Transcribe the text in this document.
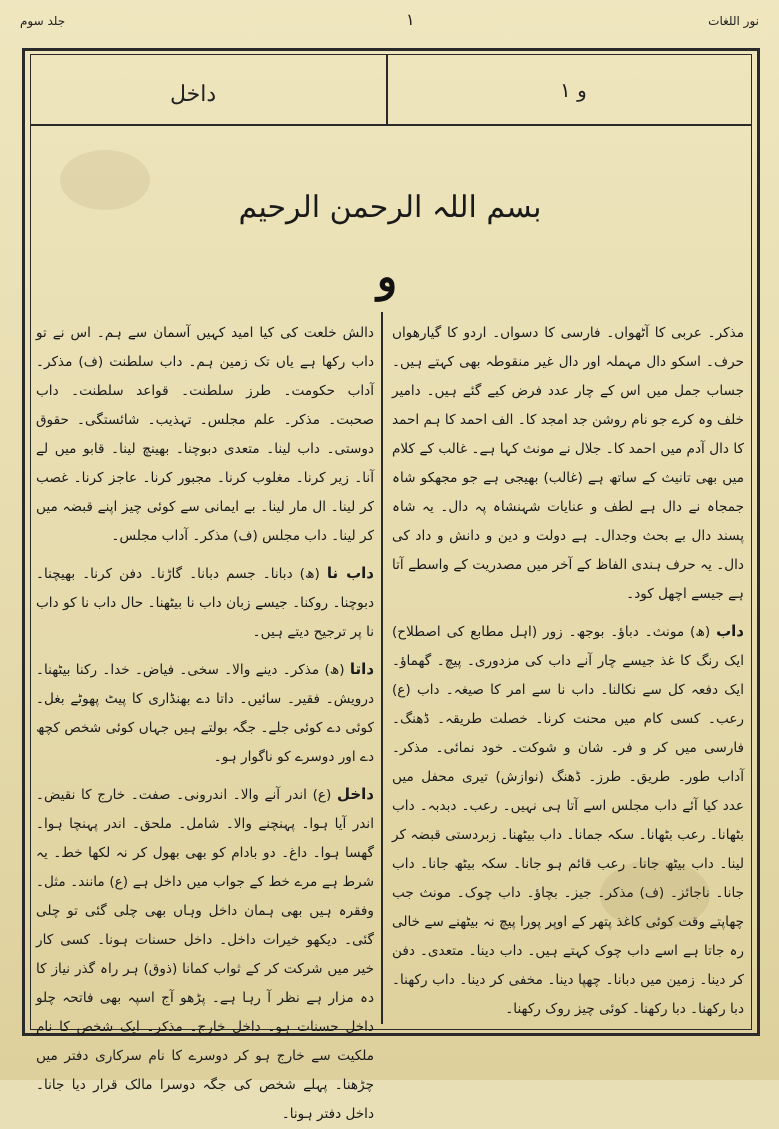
جلد سوم	۱	نور اللغات
داخل	و ۱
بسم اللہ الرحمن الرحیم
و

مذکر۔ عربی کا آٹھواں۔ فارسی کا دسواں۔ اردو کا گیارھواں حرف۔ اسکو دال مہملہ اور دال غیر منقوطہ بھی کہتے ہیں۔ جساب جمل میں اس کے چار عدد فرض کیے گئے ہیں۔ دامیر خلف وہ کرے جو نام روشن جد امجد کا۔ الف احمد کا ہم احمد کا دال آدم میں احمد کا۔ جلال نے مونث کہا ہے۔ غالب کے کلام میں بھی تانیث کے ساتھ ہے (غالب) بھیجی ہے جو مجھکو شاہ جمجاہ نے دال ہے لطف و عنایات شہنشاہ پہ دال۔ یہ شاہ پسند دال بے بحث وجدال۔ ہے دولت و دین و دانش و داد کی دال۔ یہ حرف ہندی الفاظ کے آخر میں مصدریت کے واسطے آتا ہے جیسے اچھل کود۔

داب (ھ) مونث۔ دباؤ۔ بوجھ۔ زور (اہل مطابع کی اصطلاح) ایک رنگ کا غذ جیسے چار آنے داب کی مزدوری۔ پیچ۔ گھماؤ۔ ایک دفعہ کل سے نکالنا۔ داب نا سے امر کا صیغہ۔ داب (ع) رعب۔ کسی کام میں محنت کرنا۔ خصلت طریقہ۔ ڈھنگ۔ فارسی میں کر و فر۔ شان و شوکت۔ خود نمائی۔ مذکر۔ آداب طور۔ طریق۔ طرز۔ ڈھنگ (نوازش) تیری محفل میں عدد کیا آئے داب مجلس اسے آتا ہی نہیں۔ رعب۔ دبدبہ۔ داب بٹھانا۔ رعب بٹھانا۔ سکہ جمانا۔ داب بیٹھنا۔ زبردستی قبضہ کر لینا۔ داب بیٹھ جانا۔ رعب قائم ہو جانا۔ سکہ بیٹھ جانا۔ داب جانا۔ ناجائز۔ (ف) مذکر۔ جیز۔ بچاؤ۔ داب چوک۔ مونث جب چھاپتے وقت کوئی کاغذ پتھر کے اوپر پورا پیچ نہ بیٹھنے سے خالی رہ جاتا ہے اسے داب چوک کہتے ہیں۔ داب دینا۔ متعدی۔ دفن کر دینا۔ زمین میں دبانا۔ چھپا دینا۔ مخفی کر دینا۔ داب رکھنا۔ دبا رکھنا۔ دبا رکھنا۔ کوئی چیز روک رکھنا۔

دالش خلعت کی کیا امید کہیں آسمان سے ہم۔ اس نے تو داب رکھا ہے یاں تک زمین ہم۔ داب سلطنت (ف) مذکر۔ آداب حکومت۔ طرز سلطنت۔ قواعد سلطنت۔ داب صحبت۔ مذکر۔ علم مجلس۔ تہذیب۔ شائستگی۔ حقوق دوستی۔ داب لینا۔ متعدی دبوچنا۔ بھینچ لینا۔ قابو میں لے آنا۔ زیر کرنا۔ مغلوب کرنا۔ مجبور کرنا۔ عاجز کرنا۔ غصب کر لینا۔ ال مار لینا۔ بے ایمانی سے کوئی چیز اپنے قبضہ میں کر لینا۔ داب مجلس (ف) مذکر۔ آداب مجلس۔

داب نا (ھ) دبانا۔ جسم دبانا۔ گاڑنا۔ دفن کرنا۔ بھیچنا۔ دبوچنا۔ روکنا۔ جیسے زبان داب نا بیٹھنا۔ حال داب نا کو داب نا پر ترجیح دیتے ہیں۔

داتا (ھ) مذکر۔ دینے والا۔ سخی۔ فیاض۔ خدا۔ رکنا بیٹھنا۔ درویش۔ فقیر۔ سائیں۔ داتا دے بھنڈاری کا پیٹ پھوٹے بغل۔ کوئی دے کوئی جلے۔ جگہ بولتے ہیں جہاں کوئی شخص کچھ دے اور دوسرے کو ناگوار ہو۔

داخل (ع) اندر آنے والا۔ اندرونی۔ صفت۔ خارج کا نقیض۔ اندر آیا ہوا۔ پہنچنے والا۔ شامل۔ ملحق۔ اندر پہنچا ہوا۔ گھسا ہوا۔ داغ۔ دو بادام کو بھی بھول کر نہ لکھا خط۔ یہ شرط ہے مرے خط کے جواب میں داخل ہے (ع) مانند۔ مثل۔ وفقرہ ہیں بھی ہمان داخل وہاں بھی چلی گئی تو چلی گئی۔ دیکھو خیرات داخل۔ داخل حسنات ہونا۔ کسی کار خیر میں شرکت کر کے ثواب کمانا (ذوق) ہر راہ گذر نیاز کا دہ مزار ہے نظر آ رہا ہے۔ پڑھو آج اسپہ بھی فاتحہ چلو داخل حسنات ہو۔ داخل خارج۔ مذکر۔ ایک شخص کا نام ملکیت سے خارج ہو کر دوسرے کا نام سرکاری دفتر میں چڑھنا۔ پہلے شخص کی جگہ دوسرا مالک قرار دیا جانا۔ داخل دفتر ہونا۔
